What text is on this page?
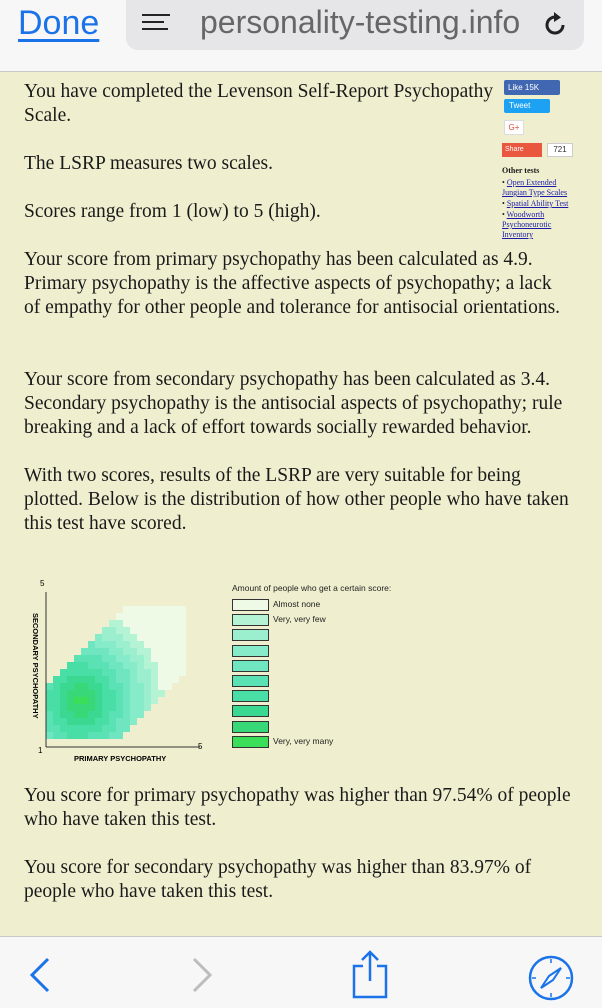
Done	personality-testing.info

You have completed the Levenson Self-Report Psychopathy Scale.

The LSRP measures two scales.

Scores range from 1 (low) to 5 (high).

Your score from primary psychopathy has been calculated as 4.9. Primary psychopathy is the affective aspects of psychopathy; a lack of empathy for other people and tolerance for antisocial orientations.

Your score from secondary psychopathy has been calculated as 3.4. Secondary psychopathy is the antisocial aspects of psychopathy; rule breaking and a lack of effort towards socially rewarded behavior.

With two scores, results of the LSRP are very suitable for being plotted. Below is the distribution of how other people who have taken this test have scored.

You score for primary psychopathy was higher than 97.54% of people who have taken this test.

You score for secondary psychopathy was higher than 83.97% of people who have taken this test.

Like 15K
Tweet
G+
Share	721
Other tests
• Open Extended Jungian Type Scales
• Spatial Ability Test
• Woodworth Psychoneurotic Inventory
5
1	5
PRIMARY PSYCHOPATHY
SECONDARY PSYCHOPATHY
Amount of people who get a certain score:
Almost none
Very, very few
Very, very many
